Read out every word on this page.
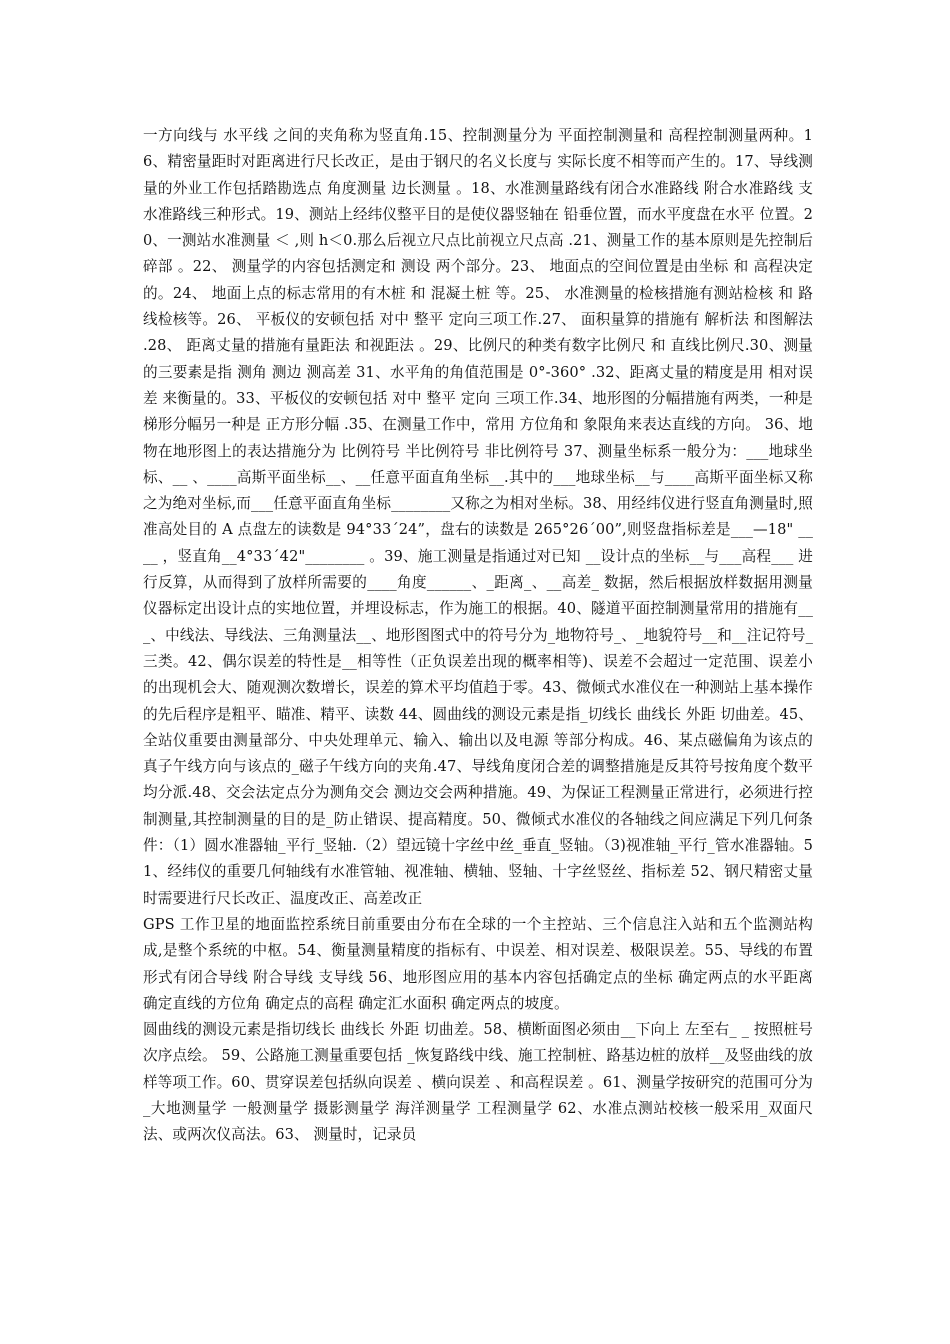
一方向线与 水平线 之间的夹角称为竖直角.15、控制测量分为 平面控制测量和 高程控制测量两种。16、精密量距时对距离进行尺长改正，是由于钢尺的名义长度与 实际长度不相等而产生的。17、导线测量的外业工作包括踏勘选点 角度测量 边长测量 。18、水准测量路线有闭合水准路线 附合水准路线 支水准路线三种形式。19、测站上经纬仪整平目的是使仪器竖轴在 铅垂位置，而水平度盘在水平 位置。20、一测站水准测量 ＜ ,则 h＜0.那么后视立尺点比前视立尺点高 .21、测量工作的基本原则是先控制后碎部 。22、 测量学的内容包括测定和 测设 两个部分。23、 地面点的空间位置是由坐标 和 高程决定的。24、 地面上点的标志常用的有木桩 和 混凝土桩 等。25、 水准测量的检核措施有测站检核 和 路线检核等。26、 平板仪的安顿包括 对中 整平 定向三项工作.27、 面积量算的措施有 解析法 和图解法 .28、 距离丈量的措施有量距法 和视距法 。29、比例尺的种类有数字比例尺 和 直线比例尺.30、测量的三要素是指 测角 测边 测高差 31、水平角的角值范围是 0°-360° .32、距离丈量的精度是用 相对误差 来衡量的。33、平板仪的安顿包括 对中 整平 定向 三项工作.34、地形图的分幅措施有两类，一种是 梯形分幅另一种是 正方形分幅 .35、在测量工作中，常用 方位角和 象限角来表达直线的方向。 36、地物在地形图上的表达措施分为 比例符号 半比例符号 非比例符号 37、测量坐标系一般分为：___地球坐标、__ 、____高斯平面坐标__、__任意平面直角坐标__.其中的___地球坐标__与____高斯平面坐标又称之为绝对坐标,而___任意平面直角坐标________又称之为相对坐标。38、用经纬仪进行竖直角测量时,照准高处目的 A 点盘左的读数是 94°33´24”，盘右的读数是 265°26´00”,则竖盘指标差是___—18" ____ ，竖直角__4°33´42"________ 。39、施工测量是指通过对已知 __设计点的坐标__与___高程___ 进行反算，从而得到了放样所需要的____角度______、_距离_、__高差_ 数据，然后根据放样数据用测量仪器标定出设计点的实地位置，并埋设标志，作为施工的根据。40、隧道平面控制测量常用的措施有___、中线法、导线法、三角测量法__、地形图图式中的符号分为_地物符号_、_地貌符号__和__注记符号_三类。42、偶尔误差的特性是__相等性（正负误差出现的概率相等)、误差不会超过一定范围、误差小的出现机会大、随观测次数增长，误差的算术平均值趋于零。43、微倾式水准仪在一种测站上基本操作的先后程序是粗平、瞄准、精平、读数 44、圆曲线的测设元素是指_切线长 曲线长 外距 切曲差。45、全站仪重要由测量部分、中央处理单元、输入、输出以及电源 等部分构成。46、某点磁偏角为该点的真子午线方向与该点的_磁子午线方向的夹角.47、导线角度闭合差的调整措施是反其符号按角度个数平均分派.48、交会法定点分为测角交会 测边交会两种措施。49、为保证工程测量正常进行，必须进行控制测量,其控制测量的目的是_防止错误、提高精度。50、微倾式水准仪的各轴线之间应满足下列几何条件：（1）圆水准器轴_平行_竖轴.（2）望远镜十字丝中丝_垂直_竖轴。（3)视准轴_平行_管水准器轴。51、经纬仪的重要几何轴线有水准管轴、视准轴、横轴、竖轴、十字丝竖丝、指标差 52、钢尺精密丈量时需要进行尺长改正、温度改正、高差改正

GPS 工作卫星的地面监控系统目前重要由分布在全球的一个主控站、三个信息注入站和五个监测站构成,是整个系统的中枢。54、衡量测量精度的指标有、中误差、相对误差、极限误差。55、导线的布置形式有闭合导线 附合导线 支导线 56、地形图应用的基本内容包括确定点的坐标 确定两点的水平距离 确定直线的方位角 确定点的高程 确定汇水面积 确定两点的坡度。

圆曲线的测设元素是指切线长 曲线长 外距 切曲差。58、横断面图必须由__下向上 左至右_ _ 按照桩号次序点绘。 59、公路施工测量重要包括 _恢复路线中线、施工控制桩、路基边桩的放样__及竖曲线的放样等项工作。60、贯穿误差包括纵向误差 、横向误差 、和高程误差 。61、测量学按研究的范围可分为 _大地测量学 一般测量学 摄影测量学 海洋测量学 工程测量学 62、水准点测站校核一般采用_双面尺法、或两次仪高法。63、 测量时，记录员
